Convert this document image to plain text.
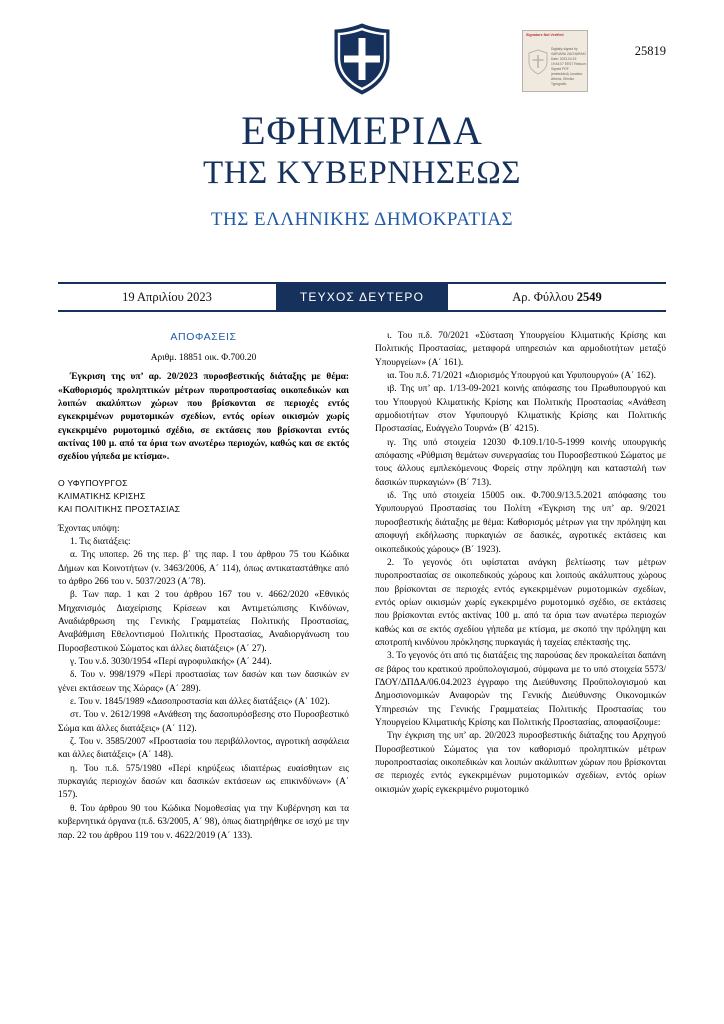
25819
Signature Not Verified
Digitally signed by VARVARA ZACHARAKI Date: 2023.04.19 19:44:07 EEST Reason: Signed PDF (embedded) Location: Athens, Ethniko Typografio
ΕΦΗΜΕΡΙΔΑ
ΤΗΣ ΚΥΒΕΡΝΗΣΕΩΣ
ΤΗΣ ΕΛΛΗΝΙΚΗΣ ΔΗΜΟΚΡΑΤΙΑΣ
19 Απριλίου 2023	ΤΕΥΧΟΣ ΔΕΥΤΕΡΟ	Αρ. Φύλλου
2549
ΑΠΟΦΑΣΕΙΣ
Αριθμ. 18851 οικ. Φ.700.20
Έγκριση της υπ’ αρ. 20/2023 πυροσβεστικής διάταξης με θέμα: «Καθορισμός προληπτικών μέτρων πυροπροστασίας οικοπεδικών και λοιπών ακαλύπτων χώρων που βρίσκονται σε περιοχές εντός εγκεκριμένων ρυμοτομικών σχεδίων, εντός ορίων οικισμών χωρίς εγκεκριμένο ρυμοτομικό σχέδιο, σε εκτάσεις που βρίσκονται εντός ακτίνας 100 μ. από τα όρια των ανωτέρω περιοχών, καθώς και σε εκτός σχεδίου γήπεδα με κτίσμα».
Ο ΥΦΥΠΟΥΡΓΟΣ
ΚΛΙΜΑΤΙΚΗΣ ΚΡΙΣΗΣ
ΚΑΙ ΠΟΛΙΤΙΚΗΣ ΠΡΟΣΤΑΣΙΑΣ

Έχοντας υπόψη:

1. Τις διατάξεις:

α. Της υποπερ. 26 της περ. β΄ της παρ. Ι του άρθρου 75 του Κώδικα Δήμων και Κοινοτήτων (ν. 3463/2006, Α΄ 114), όπως αντικαταστάθηκε από το άρθρο 266 του ν. 5037/2023 (Α΄78).

β. Των παρ. 1 και 2 του άρθρου 167 του ν. 4662/2020 «Εθνικός Μηχανισμός Διαχείρισης Κρίσεων και Αντιμετώπισης Κινδύνων, Αναδιάρθρωση της Γενικής Γραμματείας Πολιτικής Προστασίας, Αναβάθμιση Εθελοντισμού Πολιτικής Προστασίας, Αναδιοργάνωση του Πυροσβεστικού Σώματος και άλλες διατάξεις» (Α΄ 27).

γ. Του ν.δ. 3030/1954 «Περί αγροφυλακής» (Α΄ 244).

δ. Του ν. 998/1979 «Περί προστασίας των δασών και των δασικών εν γένει εκτάσεων της Χώρας» (Α΄ 289).

ε. Του ν. 1845/1989 «Δασοπροστασία και άλλες διατάξεις» (Α΄ 102).

στ. Του ν. 2612/1998 «Ανάθεση της δασοπυρόσβεσης στο Πυροσβεστικό Σώμα και άλλες διατάξεις» (Α΄ 112).

ζ. Του ν. 3585/2007 «Προστασία του περιβάλλοντος, αγροτική ασφάλεια και άλλες διατάξεις» (Α΄ 148).

η. Του π.δ. 575/1980 «Περί κηρύξεως ιδιαιτέρως ευαίσθητων εις πυρκαγιάς περιοχών δασών και δασικών εκτάσεων ως επικινδύνων» (Α΄ 157).

θ. Του άρθρου 90 του Κώδικα Νομοθεσίας για την Κυβέρνηση και τα κυβερνητικά όργανα (π.δ. 63/2005, Α΄ 98), όπως διατηρήθηκε σε ισχύ με την παρ. 22 του άρθρου 119 του ν. 4622/2019 (Α΄ 133).

ι. Του π.δ. 70/2021 «Σύσταση Υπουργείου Κλιματικής Κρίσης και Πολιτικής Προστασίας, μεταφορά υπηρεσιών και αρμοδιοτήτων μεταξύ Υπουργείων» (Α΄ 161).

ια. Του π.δ. 71/2021 «Διορισμός Υπουργού και Υφυπουργού» (Α΄ 162).

ιβ. Της υπ’ αρ. 1/13-09-2021 κοινής απόφασης του Πρωθυπουργού και του Υπουργού Κλιματικής Κρίσης και Πολιτικής Προστασίας «Ανάθεση αρμοδιοτήτων στον Υφυπουργό Κλιματικής Κρίσης και Πολιτικής Προστασίας, Ευάγγελο Τουρνά» (Β΄ 4215).

ιγ. Της υπό στοιχεία 12030 Φ.109.1/10-5-1999 κοινής υπουργικής απόφασης «Ρύθμιση θεμάτων συνεργασίας του Πυροσβεστικού Σώματος με τους άλλους εμπλεκόμενους Φορείς στην πρόληψη και κατασταλή των δασικών πυρκαγιών» (Β΄ 713).

ιδ. Της υπό στοιχεία 15005 οικ. Φ.700.9/13.5.2021 απόφασης του Υφυπουργού Προστασίας του Πολίτη «Έγκριση της υπ’ αρ. 9/2021 πυροσβεστικής διάταξης με θέμα: Καθορισμός μέτρων για την πρόληψη και αποφυγή εκδήλωσης πυρκαγιών σε δασικές, αγροτικές εκτάσεις και οικοπεδικούς χώρους» (Β΄ 1923).

2. Το γεγονός ότι υφίσταται ανάγκη βελτίωσης των μέτρων πυροπροστασίας σε οικοπεδικούς χώρους και λοιπούς ακάλυπτους χώρους που βρίσκονται σε περιοχές εντός εγκεκριμένων ρυμοτομικών σχεδίων, εντός ορίων οικισμών χωρίς εγκεκριμένο ρυμοτομικό σχέδιο, σε εκτάσεις που βρίσκονται εντός ακτίνας 100 μ. από τα όρια των ανωτέρω περιοχών καθώς και σε εκτός σχεδίου γήπεδα με κτίσμα, με σκοπό την πρόληψη και αποτροπή κινδύνου πρόκλησης πυρκαγιάς ή ταχείας επέκτασής της.

3. Το γεγονός ότι από τις διατάξεις της παρούσας δεν προκαλείται δαπάνη σε βάρος του κρατικού προϋπολογισμού, σύμφωνα με το υπό στοιχεία 5573/ΓΔΟΥ/ΔΠΔΑ/06.04.2023 έγγραφο της Διεύθυνσης Προϋπολογισμού και Δημοσιονομικών Αναφορών της Γενικής Διεύθυνσης Οικονομικών Υπηρεσιών της Γενικής Γραμματείας Πολιτικής Προστασίας του Υπουργείου Κλιματικής Κρίσης και Πολιτικής Προστασίας, αποφασίζουμε:

Την έγκριση της υπ’ αρ. 20/2023 πυροσβεστικής διάταξης του Αρχηγού Πυροσβεστικού Σώματος για τον καθορισμό προληπτικών μέτρων πυροπροστασίας οικοπεδικών και λοιπών ακάλυπτων χώρων που βρίσκονται σε περιοχές εντός εγκεκριμένων ρυμοτομικών σχεδίων, εντός ορίων οικισμών χωρίς εγκεκριμένο ρυμοτομικό
